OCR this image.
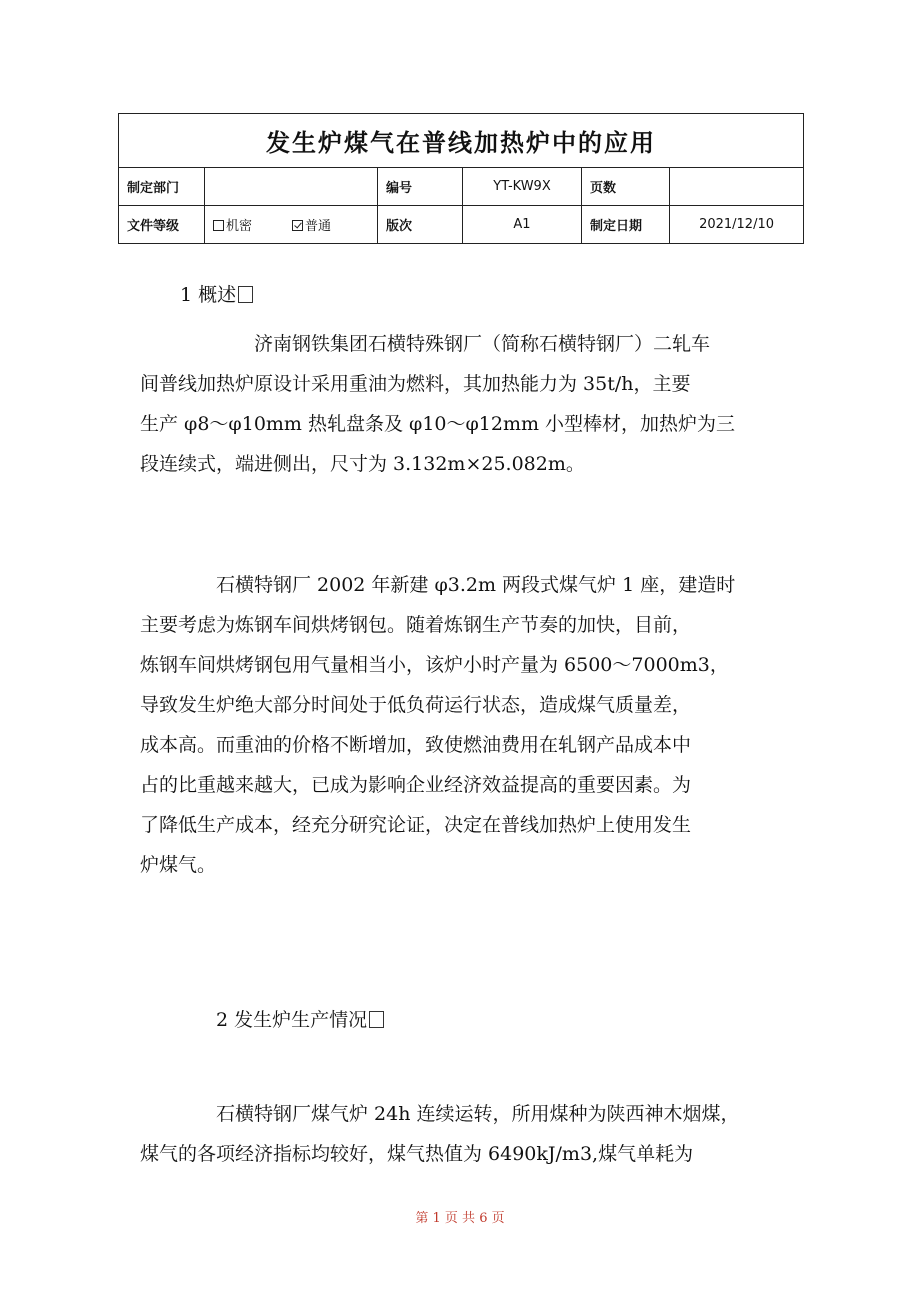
发生炉煤气在普线加热炉中的应用					
制定部门		编号	YT-KW9X	页数	
文件等级	机密 普通	版次	A1	制定日期	2021/12/10
1 概述
济南钢铁集团石横特殊钢厂（简称石横特钢厂）二轧车
间普线加热炉原设计采用重油为燃料，其加热能力为 35t/h，主要
生产 φ8～φ10mm 热轧盘条及 φ10～φ12mm 小型棒材，加热炉为三
段连续式，端进侧出，尺寸为 3.132m×25.082m。
石横特钢厂 2002 年新建 φ3.2m 两段式煤气炉 1 座，建造时
主要考虑为炼钢车间烘烤钢包。随着炼钢生产节奏的加快，目前，
炼钢车间烘烤钢包用气量相当小，该炉小时产量为 6500～7000m3，
导致发生炉绝大部分时间处于低负荷运行状态，造成煤气质量差，
成本高。而重油的价格不断增加，致使燃油费用在轧钢产品成本中
占的比重越来越大，已成为影响企业经济效益提高的重要因素。为
了降低生产成本，经充分研究论证，决定在普线加热炉上使用发生
炉煤气。
2 发生炉生产情况
石横特钢厂煤气炉 24h 连续运转，所用煤种为陕西神木烟煤，
煤气的各项经济指标均较好，煤气热值为 6490kJ/m3,煤气单耗为
第 1 页 共 6 页
